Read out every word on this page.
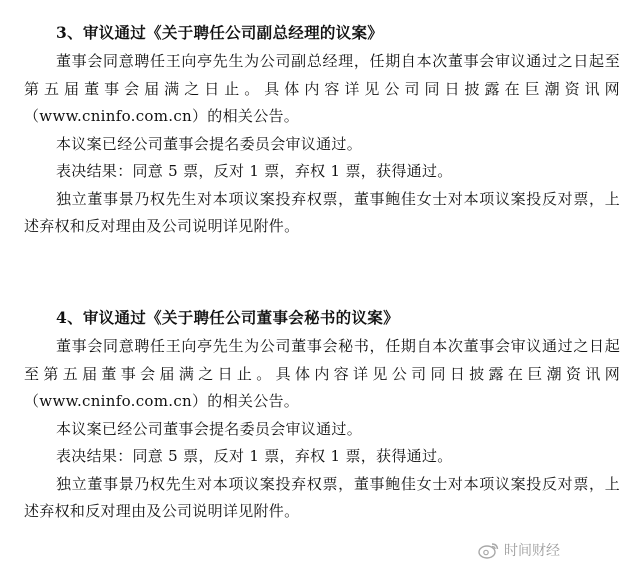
3、审议通过《关于聘任公司副总经理的议案》

董事会同意聘任王向亭先生为公司副总经理，任期自本次董事会审议通过之日起至第五届董事会届满之日止。具体内容详见公司同日披露在巨潮资讯网（www.cninfo.com.cn）的相关公告。

本议案已经公司董事会提名委员会审议通过。

表决结果：同意 5 票，反对 1 票，弃权 1 票，获得通过。

独立董事景乃权先生对本项议案投弃权票，董事鲍佳女士对本项议案投反对票，上述弃权和反对理由及公司说明详见附件。

4、审议通过《关于聘任公司董事会秘书的议案》

董事会同意聘任王向亭先生为公司董事会秘书，任期自本次董事会审议通过之日起至第五届董事会届满之日止。具体内容详见公司同日披露在巨潮资讯网（www.cninfo.com.cn）的相关公告。

本议案已经公司董事会提名委员会审议通过。

表决结果：同意 5 票，反对 1 票，弃权 1 票，获得通过。

独立董事景乃权先生对本项议案投弃权票，董事鲍佳女士对本项议案投反对票，上述弃权和反对理由及公司说明详见附件。

时间财经
